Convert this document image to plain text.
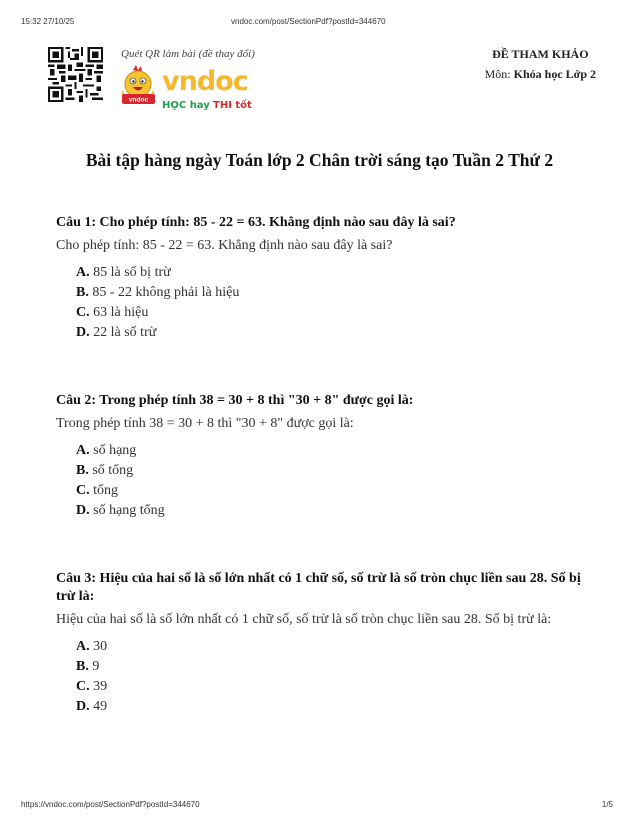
15:32 27/10/25	vndoc.com/post/SectionPdf?postId=344670
Quét QR làm bài (đề thay đổi)
vndoc
vndoc
HỌC hay THI tốt
ĐỀ THAM KHẢO
Môn: Khóa học Lớp 2
Bài tập hàng ngày Toán lớp 2 Chân trời sáng tạo Tuần 2 Thứ 2

Câu 1: Cho phép tính: 85 - 22 = 63. Khẳng định nào sau đây là sai?

Cho phép tính: 85 - 22 = 63. Khẳng định nào sau đây là sai?

A. 85 là số bị trừ
B. 85 - 22 không phải là hiệu
C. 63 là hiệu
D. 22 là số trừ

Câu 2: Trong phép tính 38 = 30 + 8 thì "30 + 8" được gọi là:

Trong phép tính 38 = 30 + 8 thì "30 + 8" được gọi là:

A. số hạng
B. số tổng
C. tổng
D. số hạng tổng

Câu 3: Hiệu của hai số là số lớn nhất có 1 chữ số, số trừ là số tròn chục liền sau 28. Số bị trừ là:

Hiệu của hai số là số lớn nhất có 1 chữ số, số trừ là số tròn chục liền sau 28. Số bị trừ là:

A. 30
B. 9
C. 39
D. 49
https://vndoc.com/post/SectionPdf?postId=344670	1/5
